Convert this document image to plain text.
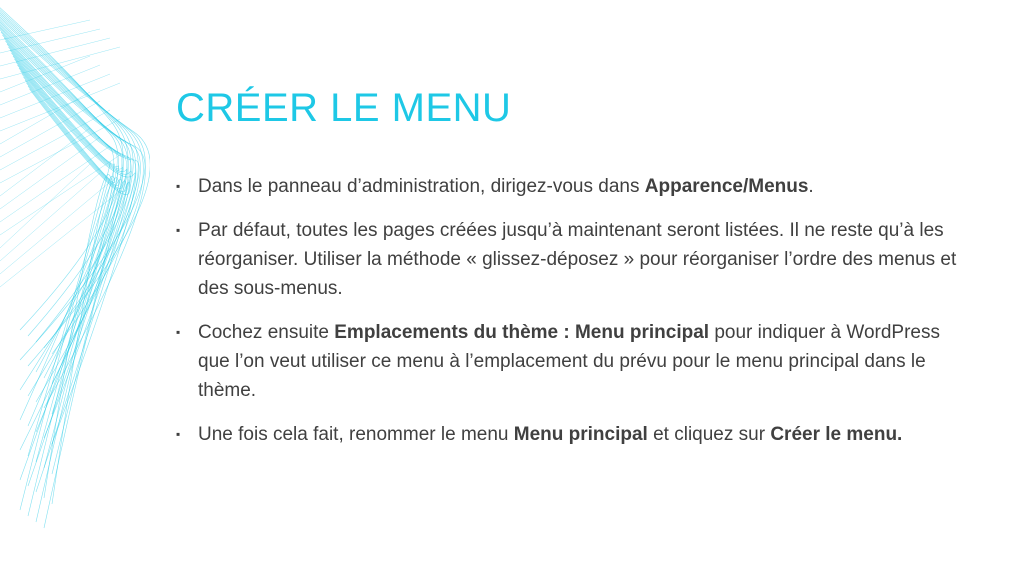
CRÉER LE MENU
▪ Dans le panneau d’administration, dirigez-vous dans Apparence/Menus.
▪ Par défaut, toutes les pages créées jusqu’à maintenant seront listées. Il ne reste qu’à les réorganiser. Utiliser la méthode « glissez-déposez » pour réorganiser l’ordre des menus et des sous-menus.
▪ Cochez ensuite Emplacements du thème : Menu principal pour indiquer à WordPress que l’on veut utiliser ce menu à l’emplacement du prévu pour le menu principal dans le thème.
▪ Une fois cela fait, renommer le menu Menu principal et cliquez sur Créer le menu.
